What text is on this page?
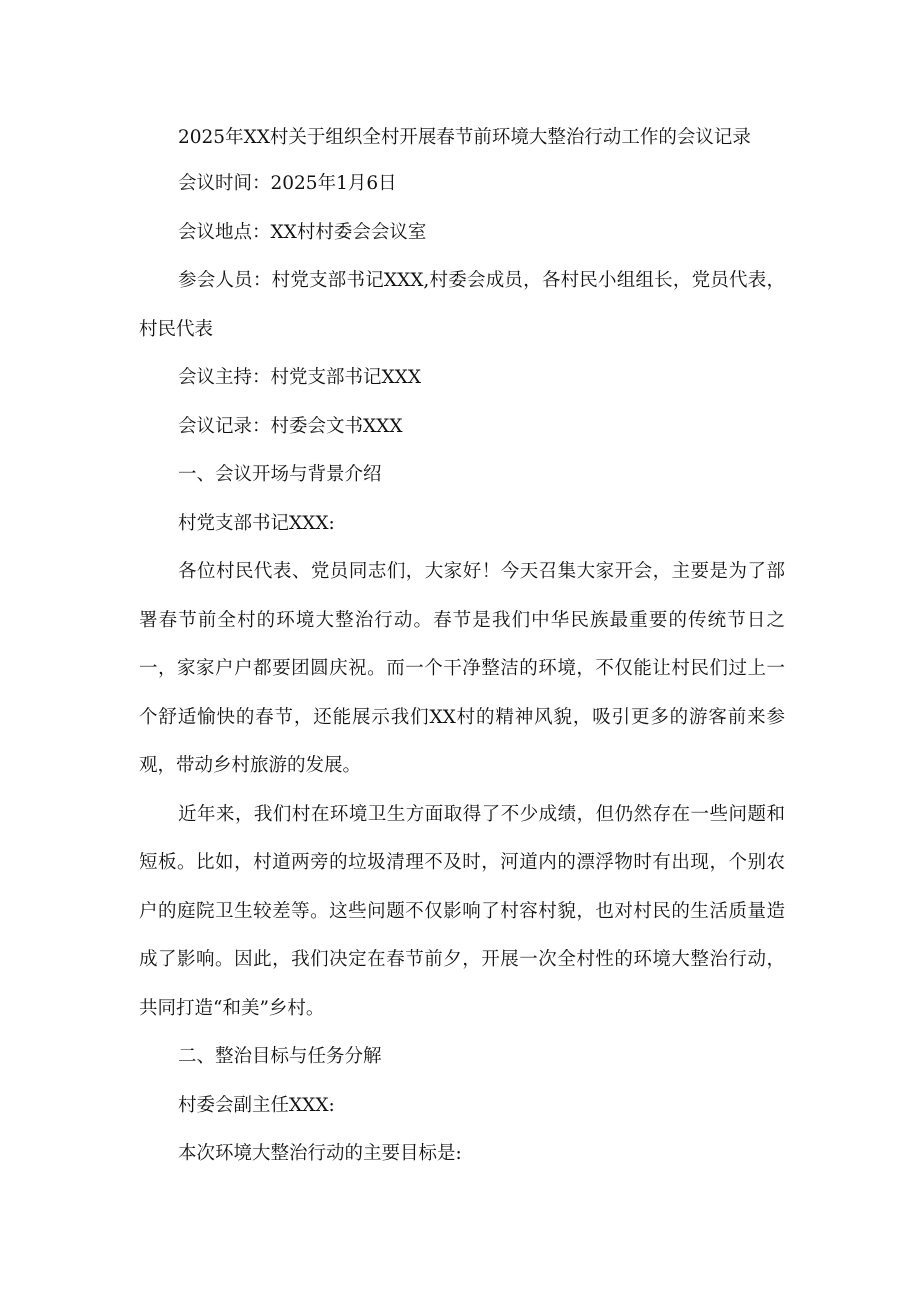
2025年XX村关于组织全村开展春节前环境大整治行动工作的会议记录

会议时间：2025年1月6日

会议地点：XX村村委会会议室

参会人员：村党支部书记XXX,村委会成员，各村民小组组长，党员代表，村民代表

会议主持：村党支部书记XXX

会议记录：村委会文书XXX

一、会议开场与背景介绍

村党支部书记XXX:

各位村民代表、党员同志们，大家好！今天召集大家开会，主要是为了部署春节前全村的环境大整治行动。春节是我们中华民族最重要的传统节日之一，家家户户都要团圆庆祝。而一个干净整洁的环境，不仅能让村民们过上一个舒适愉快的春节，还能展示我们XX村的精神风貌，吸引更多的游客前来参观，带动乡村旅游的发展。

近年来，我们村在环境卫生方面取得了不少成绩，但仍然存在一些问题和短板。比如，村道两旁的垃圾清理不及时，河道内的漂浮物时有出现，个别农户的庭院卫生较差等。这些问题不仅影响了村容村貌，也对村民的生活质量造成了影响。因此，我们决定在春节前夕，开展一次全村性的环境大整治行动，共同打造“和美”乡村。

二、整治目标与任务分解

村委会副主任XXX:

本次环境大整治行动的主要目标是:
